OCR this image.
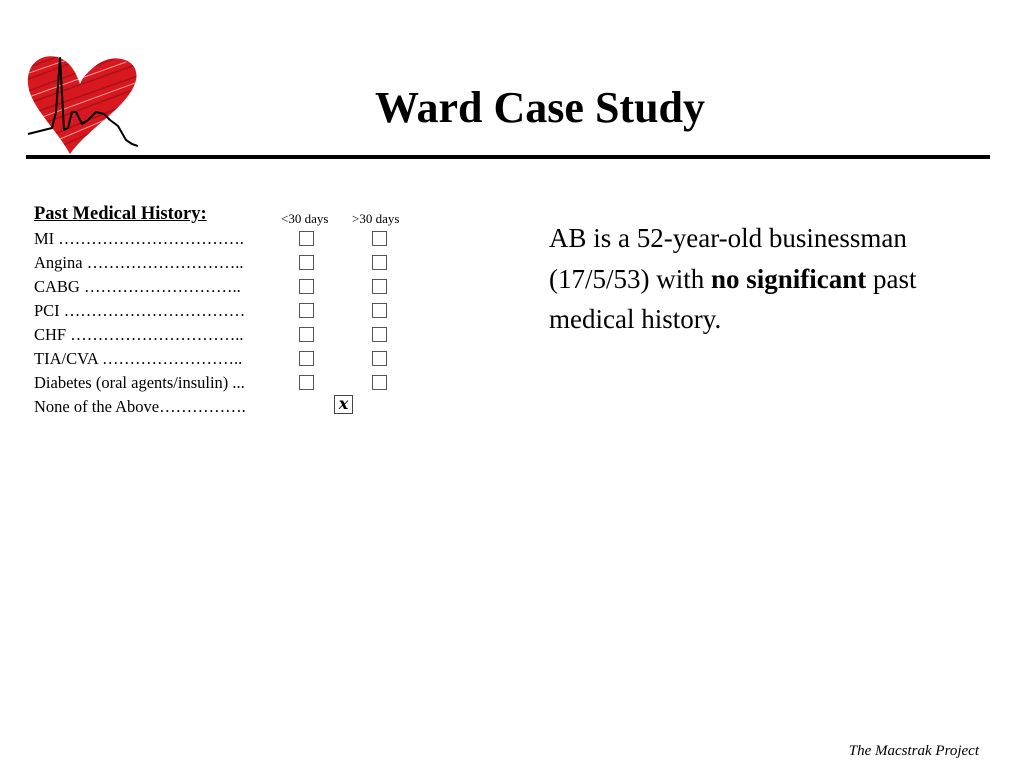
Ward Case Study
Past Medical History:	<30 days >30 days
MI …………………………….
Angina ………………………..
CABG ………………………..
PCI ……………………………
CHF …………………………..
TIA/CVA ……………………..
Diabetes (oral agents/insulin) ...
None of the Above…………….	x
AB is a 52-year-old businessman (17/5/53) with no significant past medical history.
The Macstrak Project
